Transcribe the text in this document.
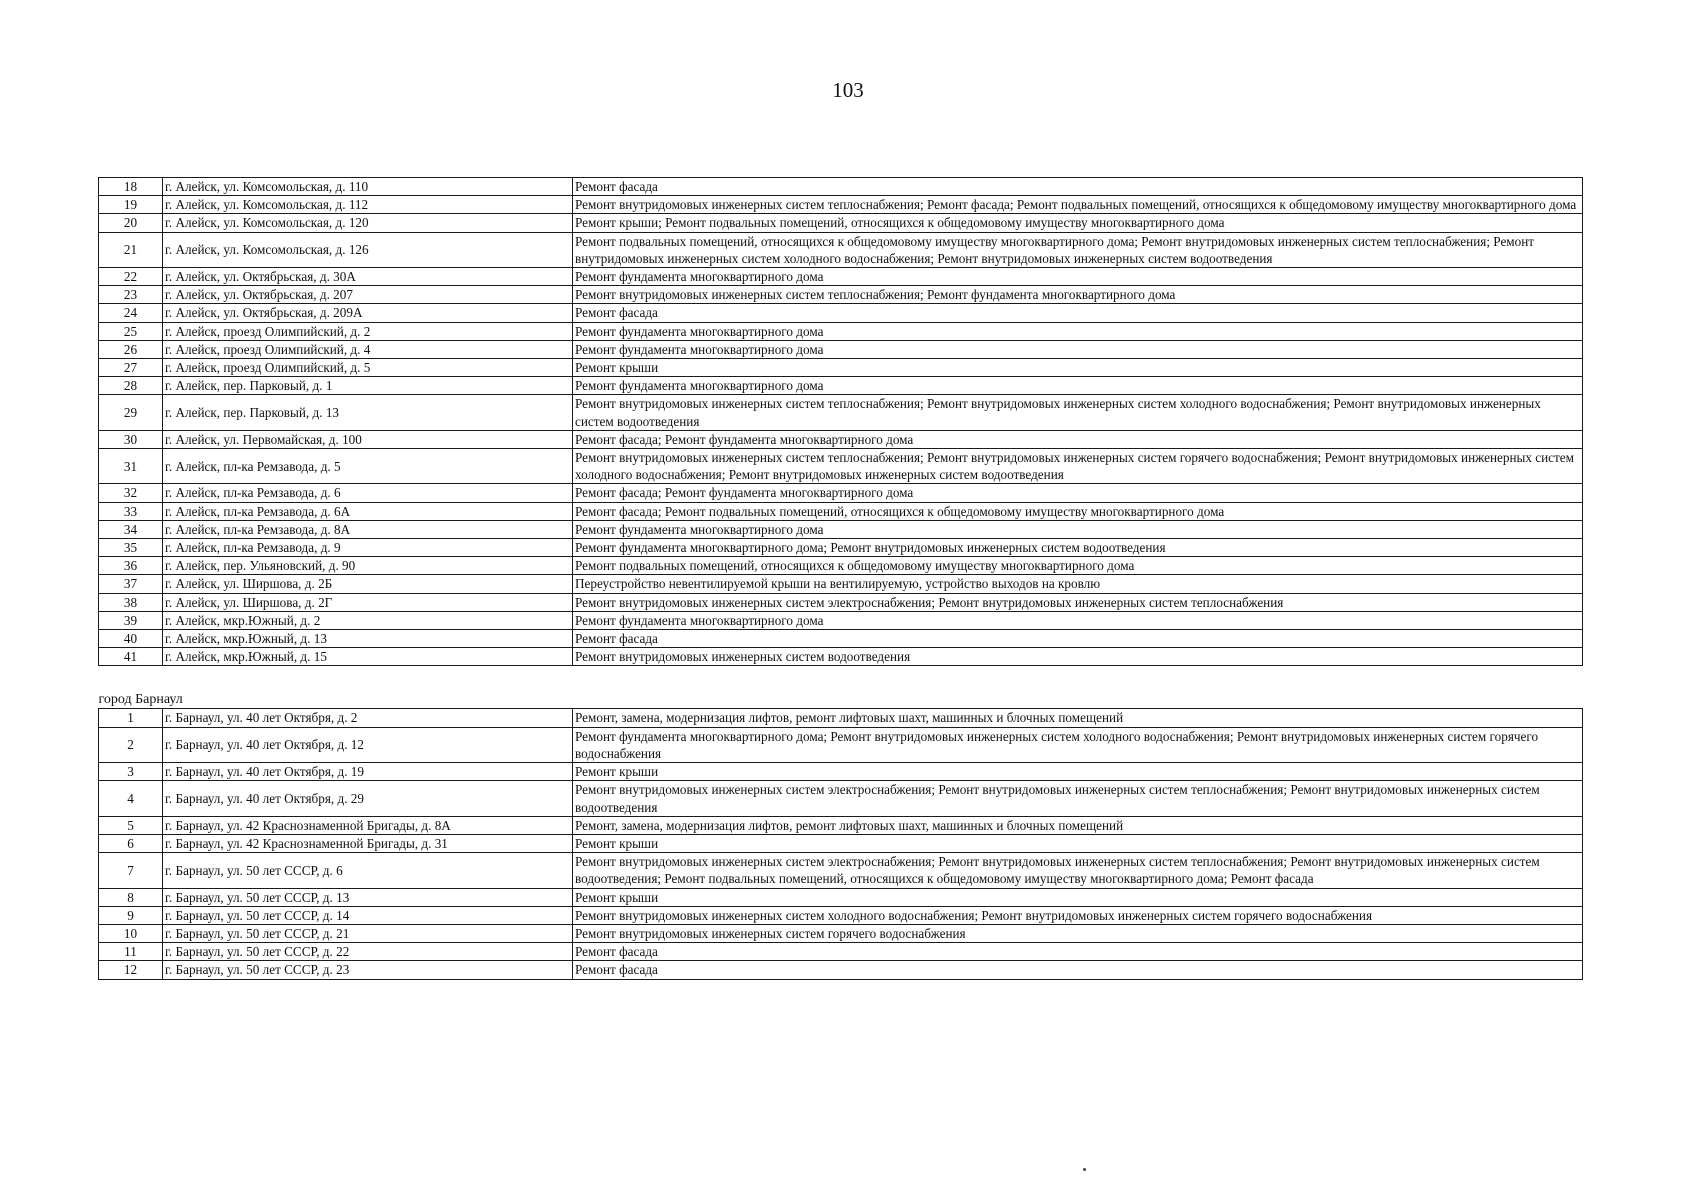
103
18	г. Алейск, ул. Комсомольская, д. 110	Ремонт фасада
19	г. Алейск, ул. Комсомольская, д. 112	Ремонт внутридомовых инженерных систем теплоснабжения; Ремонт фасада; Ремонт подвальных помещений, относящихся к общедомовому имуществу многоквартирного дома
20	г. Алейск, ул. Комсомольская, д. 120	Ремонт крыши; Ремонт подвальных помещений, относящихся к общедомовому имуществу многоквартирного дома
21	г. Алейск, ул. Комсомольская, д. 126	Ремонт подвальных помещений, относящихся к общедомовому имуществу многоквартирного дома; Ремонт внутридомовых инженерных систем теплоснабжения; Ремонт внутридомовых инженерных систем холодного водоснабжения; Ремонт внутридомовых инженерных систем водоотведения
22	г. Алейск, ул. Октябрьская, д. 30А	Ремонт фундамента многоквартирного дома
23	г. Алейск, ул. Октябрьская, д. 207	Ремонт внутридомовых инженерных систем теплоснабжения; Ремонт фундамента многоквартирного дома
24	г. Алейск, ул. Октябрьская, д. 209А	Ремонт фасада
25	г. Алейск, проезд Олимпийский, д. 2	Ремонт фундамента многоквартирного дома
26	г. Алейск, проезд Олимпийский, д. 4	Ремонт фундамента многоквартирного дома
27	г. Алейск, проезд Олимпийский, д. 5	Ремонт крыши
28	г. Алейск, пер. Парковый, д. 1	Ремонт фундамента многоквартирного дома
29	г. Алейск, пер. Парковый, д. 13	Ремонт внутридомовых инженерных систем теплоснабжения; Ремонт внутридомовых инженерных систем холодного водоснабжения; Ремонт внутридомовых инженерных систем водоотведения
30	г. Алейск, ул. Первомайская, д. 100	Ремонт фасада; Ремонт фундамента многоквартирного дома
31	г. Алейск, пл-ка Ремзавода, д. 5	Ремонт внутридомовых инженерных систем теплоснабжения; Ремонт внутридомовых инженерных систем горячего водоснабжения; Ремонт внутридомовых инженерных систем холодного водоснабжения; Ремонт внутридомовых инженерных систем водоотведения
32	г. Алейск, пл-ка Ремзавода, д. 6	Ремонт фасада; Ремонт фундамента многоквартирного дома
33	г. Алейск, пл-ка Ремзавода, д. 6А	Ремонт фасада; Ремонт подвальных помещений, относящихся к общедомовому имуществу многоквартирного дома
34	г. Алейск, пл-ка Ремзавода, д. 8А	Ремонт фундамента многоквартирного дома
35	г. Алейск, пл-ка Ремзавода, д. 9	Ремонт фундамента многоквартирного дома; Ремонт внутридомовых инженерных систем водоотведения
36	г. Алейск, пер. Ульяновский, д. 90	Ремонт подвальных помещений, относящихся к общедомовому имуществу многоквартирного дома
37	г. Алейск, ул. Ширшова, д. 2Б	Переустройство невентилируемой крыши на вентилируемую, устройство выходов на кровлю
38	г. Алейск, ул. Ширшова, д. 2Г	Ремонт внутридомовых инженерных систем электроснабжения; Ремонт внутридомовых инженерных систем теплоснабжения
39	г. Алейск, мкр.Южный, д. 2	Ремонт фундамента многоквартирного дома
40	г. Алейск, мкр.Южный, д. 13	Ремонт фасада
41	г. Алейск, мкр.Южный, д. 15	Ремонт внутридомовых инженерных систем водоотведения
город Барнаул		
1	г. Барнаул, ул. 40 лет Октября, д. 2	Ремонт, замена, модернизация лифтов, ремонт лифтовых шахт, машинных и блочных помещений
2	г. Барнаул, ул. 40 лет Октября, д. 12	Ремонт фундамента многоквартирного дома; Ремонт внутридомовых инженерных систем холодного водоснабжения; Ремонт внутридомовых инженерных систем горячего водоснабжения
3	г. Барнаул, ул. 40 лет Октября, д. 19	Ремонт крыши
4	г. Барнаул, ул. 40 лет Октября, д. 29	Ремонт внутридомовых инженерных систем электроснабжения; Ремонт внутридомовых инженерных систем теплоснабжения; Ремонт внутридомовых инженерных систем водоотведения
5	г. Барнаул, ул. 42 Краснознаменной Бригады, д. 8А	Ремонт, замена, модернизация лифтов, ремонт лифтовых шахт, машинных и блочных помещений
6	г. Барнаул, ул. 42 Краснознаменной Бригады, д. 31	Ремонт крыши
7	г. Барнаул, ул. 50 лет СССР, д. 6	Ремонт внутридомовых инженерных систем электроснабжения; Ремонт внутридомовых инженерных систем теплоснабжения; Ремонт внутридомовых инженерных систем водоотведения; Ремонт подвальных помещений, относящихся к общедомовому имуществу многоквартирного дома; Ремонт фасада
8	г. Барнаул, ул. 50 лет СССР, д. 13	Ремонт крыши
9	г. Барнаул, ул. 50 лет СССР, д. 14	Ремонт внутридомовых инженерных систем холодного водоснабжения; Ремонт внутридомовых инженерных систем горячего водоснабжения
10	г. Барнаул, ул. 50 лет СССР, д. 21	Ремонт внутридомовых инженерных систем горячего водоснабжения
11	г. Барнаул, ул. 50 лет СССР, д. 22	Ремонт фасада
12	г. Барнаул, ул. 50 лет СССР, д. 23	Ремонт фасада
